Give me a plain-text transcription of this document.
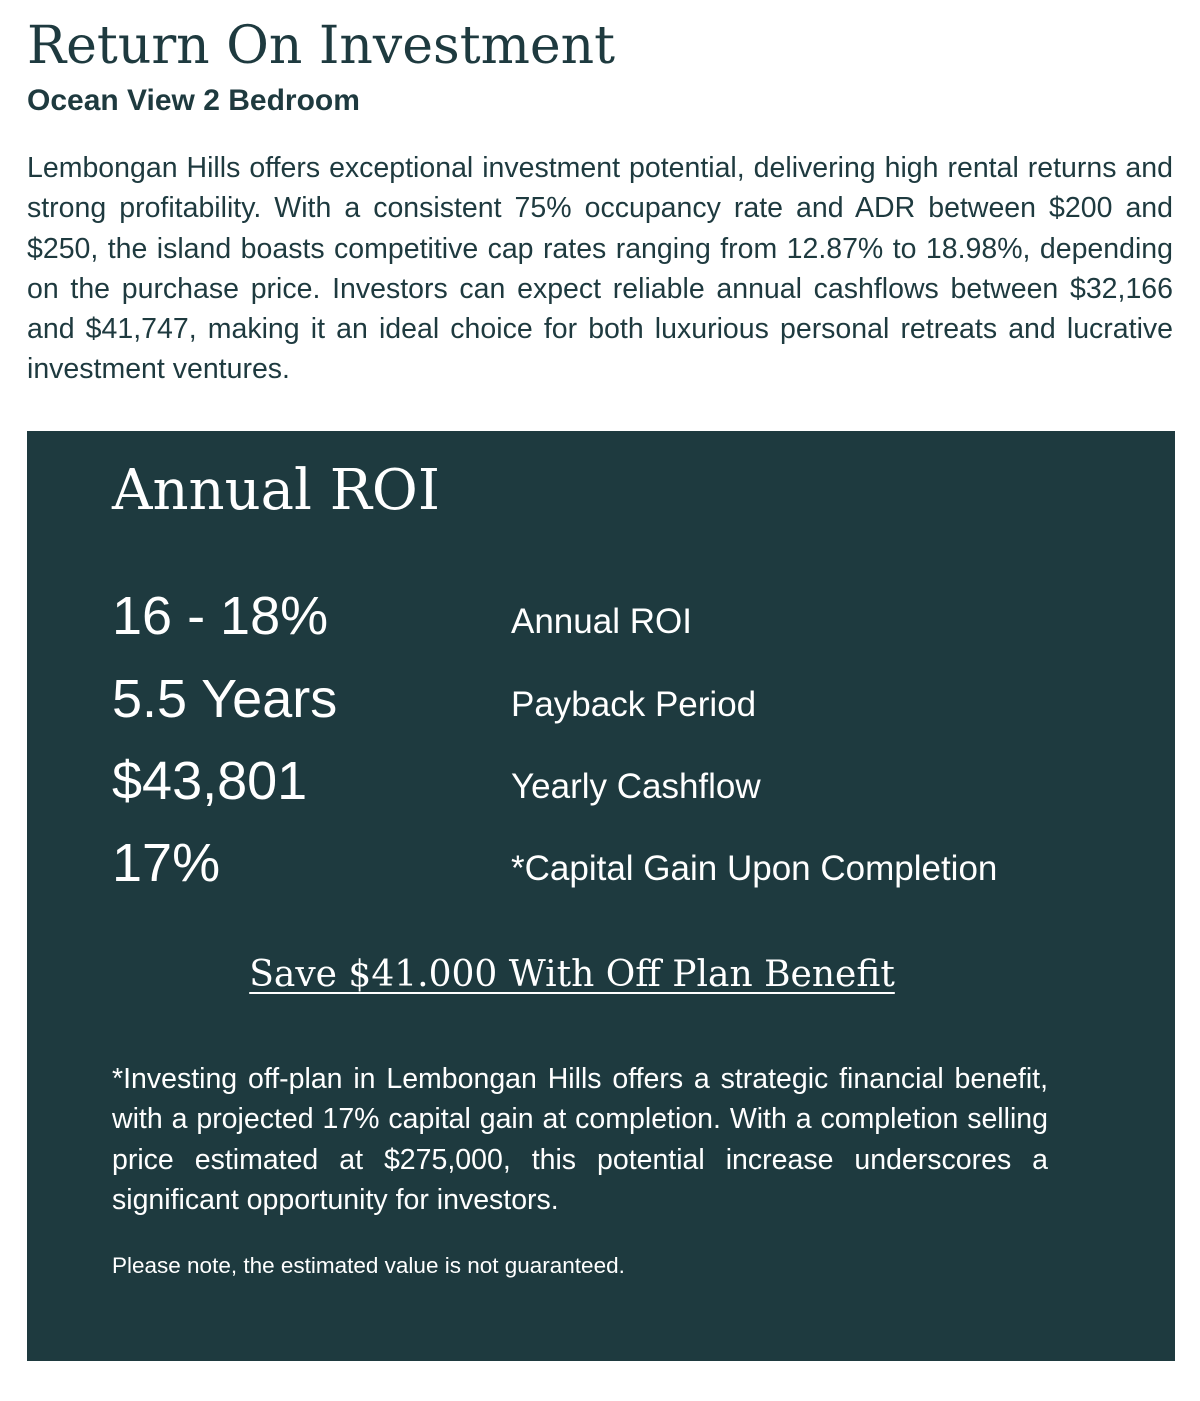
Return On Investment
Ocean View 2 Bedroom

Lembongan Hills offers exceptional investment potential, delivering high rental returns and strong profitability. With a consistent 75% occupancy rate and ADR between $200 and $250, the island boasts competitive cap rates ranging from 12.87% to 18.98%, depending on the purchase price. Investors can expect reliable annual cashflows between $32,166 and $41,747, making it an ideal choice for both luxurious personal retreats and lucrative investment ventures.

Annual ROI
16 - 18%	Annual ROI
5.5 Years	Payback Period
$43,801	Yearly Cashflow
17%	*Capital Gain Upon Completion

Save $41.000 With Off Plan Benefit

*Investing off-plan in Lembongan Hills offers a strategic financial benefit, with a projected 17% capital gain at completion. With a completion selling price estimated at $275,000, this potential increase underscores a significant opportunity for investors.

Please note, the estimated value is not guaranteed.
